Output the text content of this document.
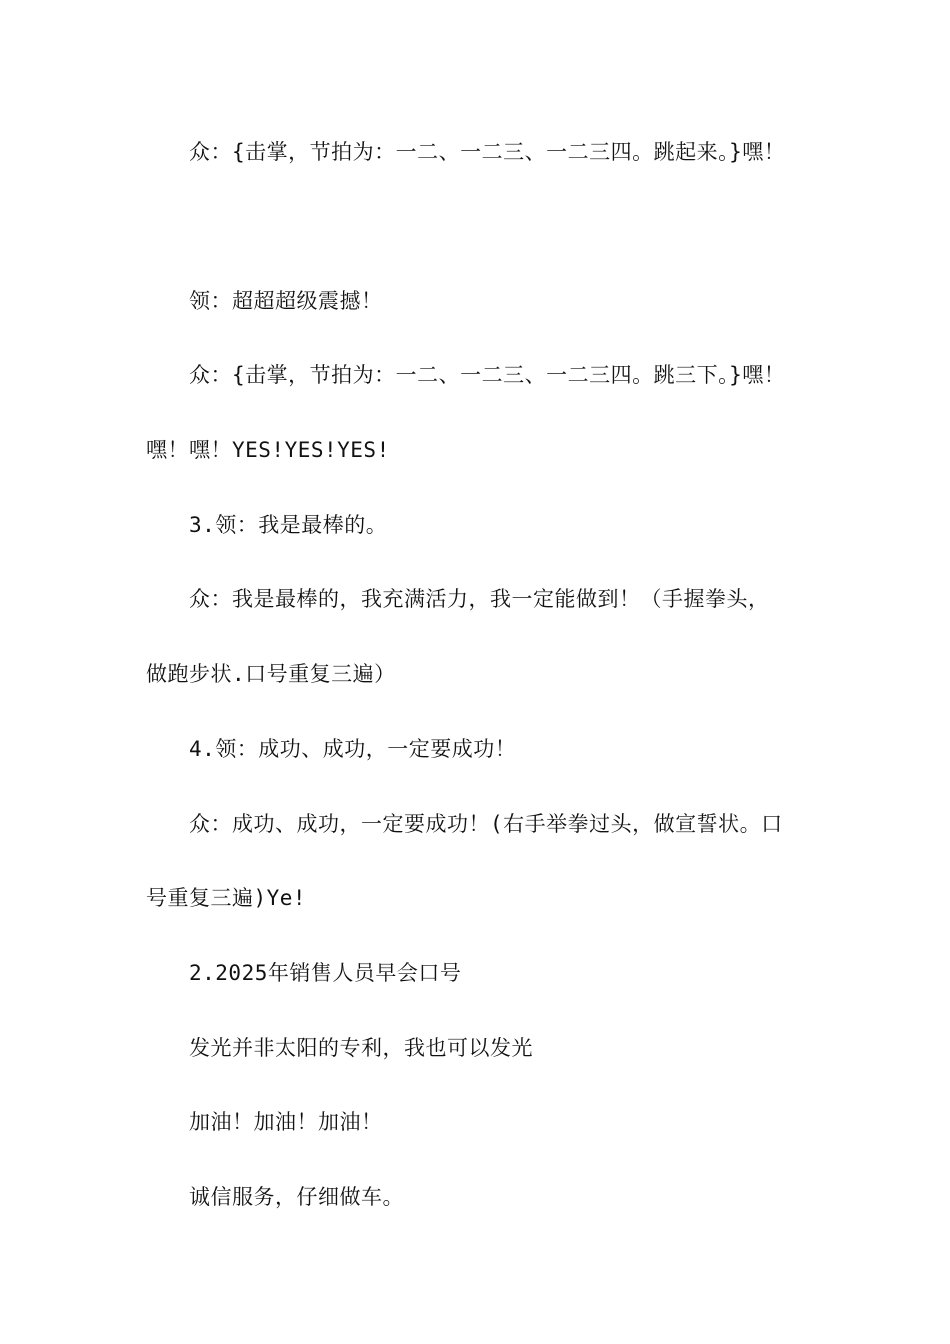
众：{击掌，节拍为：一二、一二三、一二三四。跳起来。}嘿！
领：超超超级震撼！
众：{击掌，节拍为：一二、一二三、一二三四。跳三下。}嘿！
嘿！嘿！YES!YES!YES!
3.领：我是最棒的。
众：我是最棒的，我充满活力，我一定能做到！（手握拳头，
做跑步状.口号重复三遍）
4.领：成功、成功，一定要成功！
众：成功、成功，一定要成功！(右手举拳过头，做宣誓状。口
号重复三遍)Ye!
2.2025年销售人员早会口号
发光并非太阳的专利，我也可以发光
加油！加油！加油！
诚信服务，仔细做车。
